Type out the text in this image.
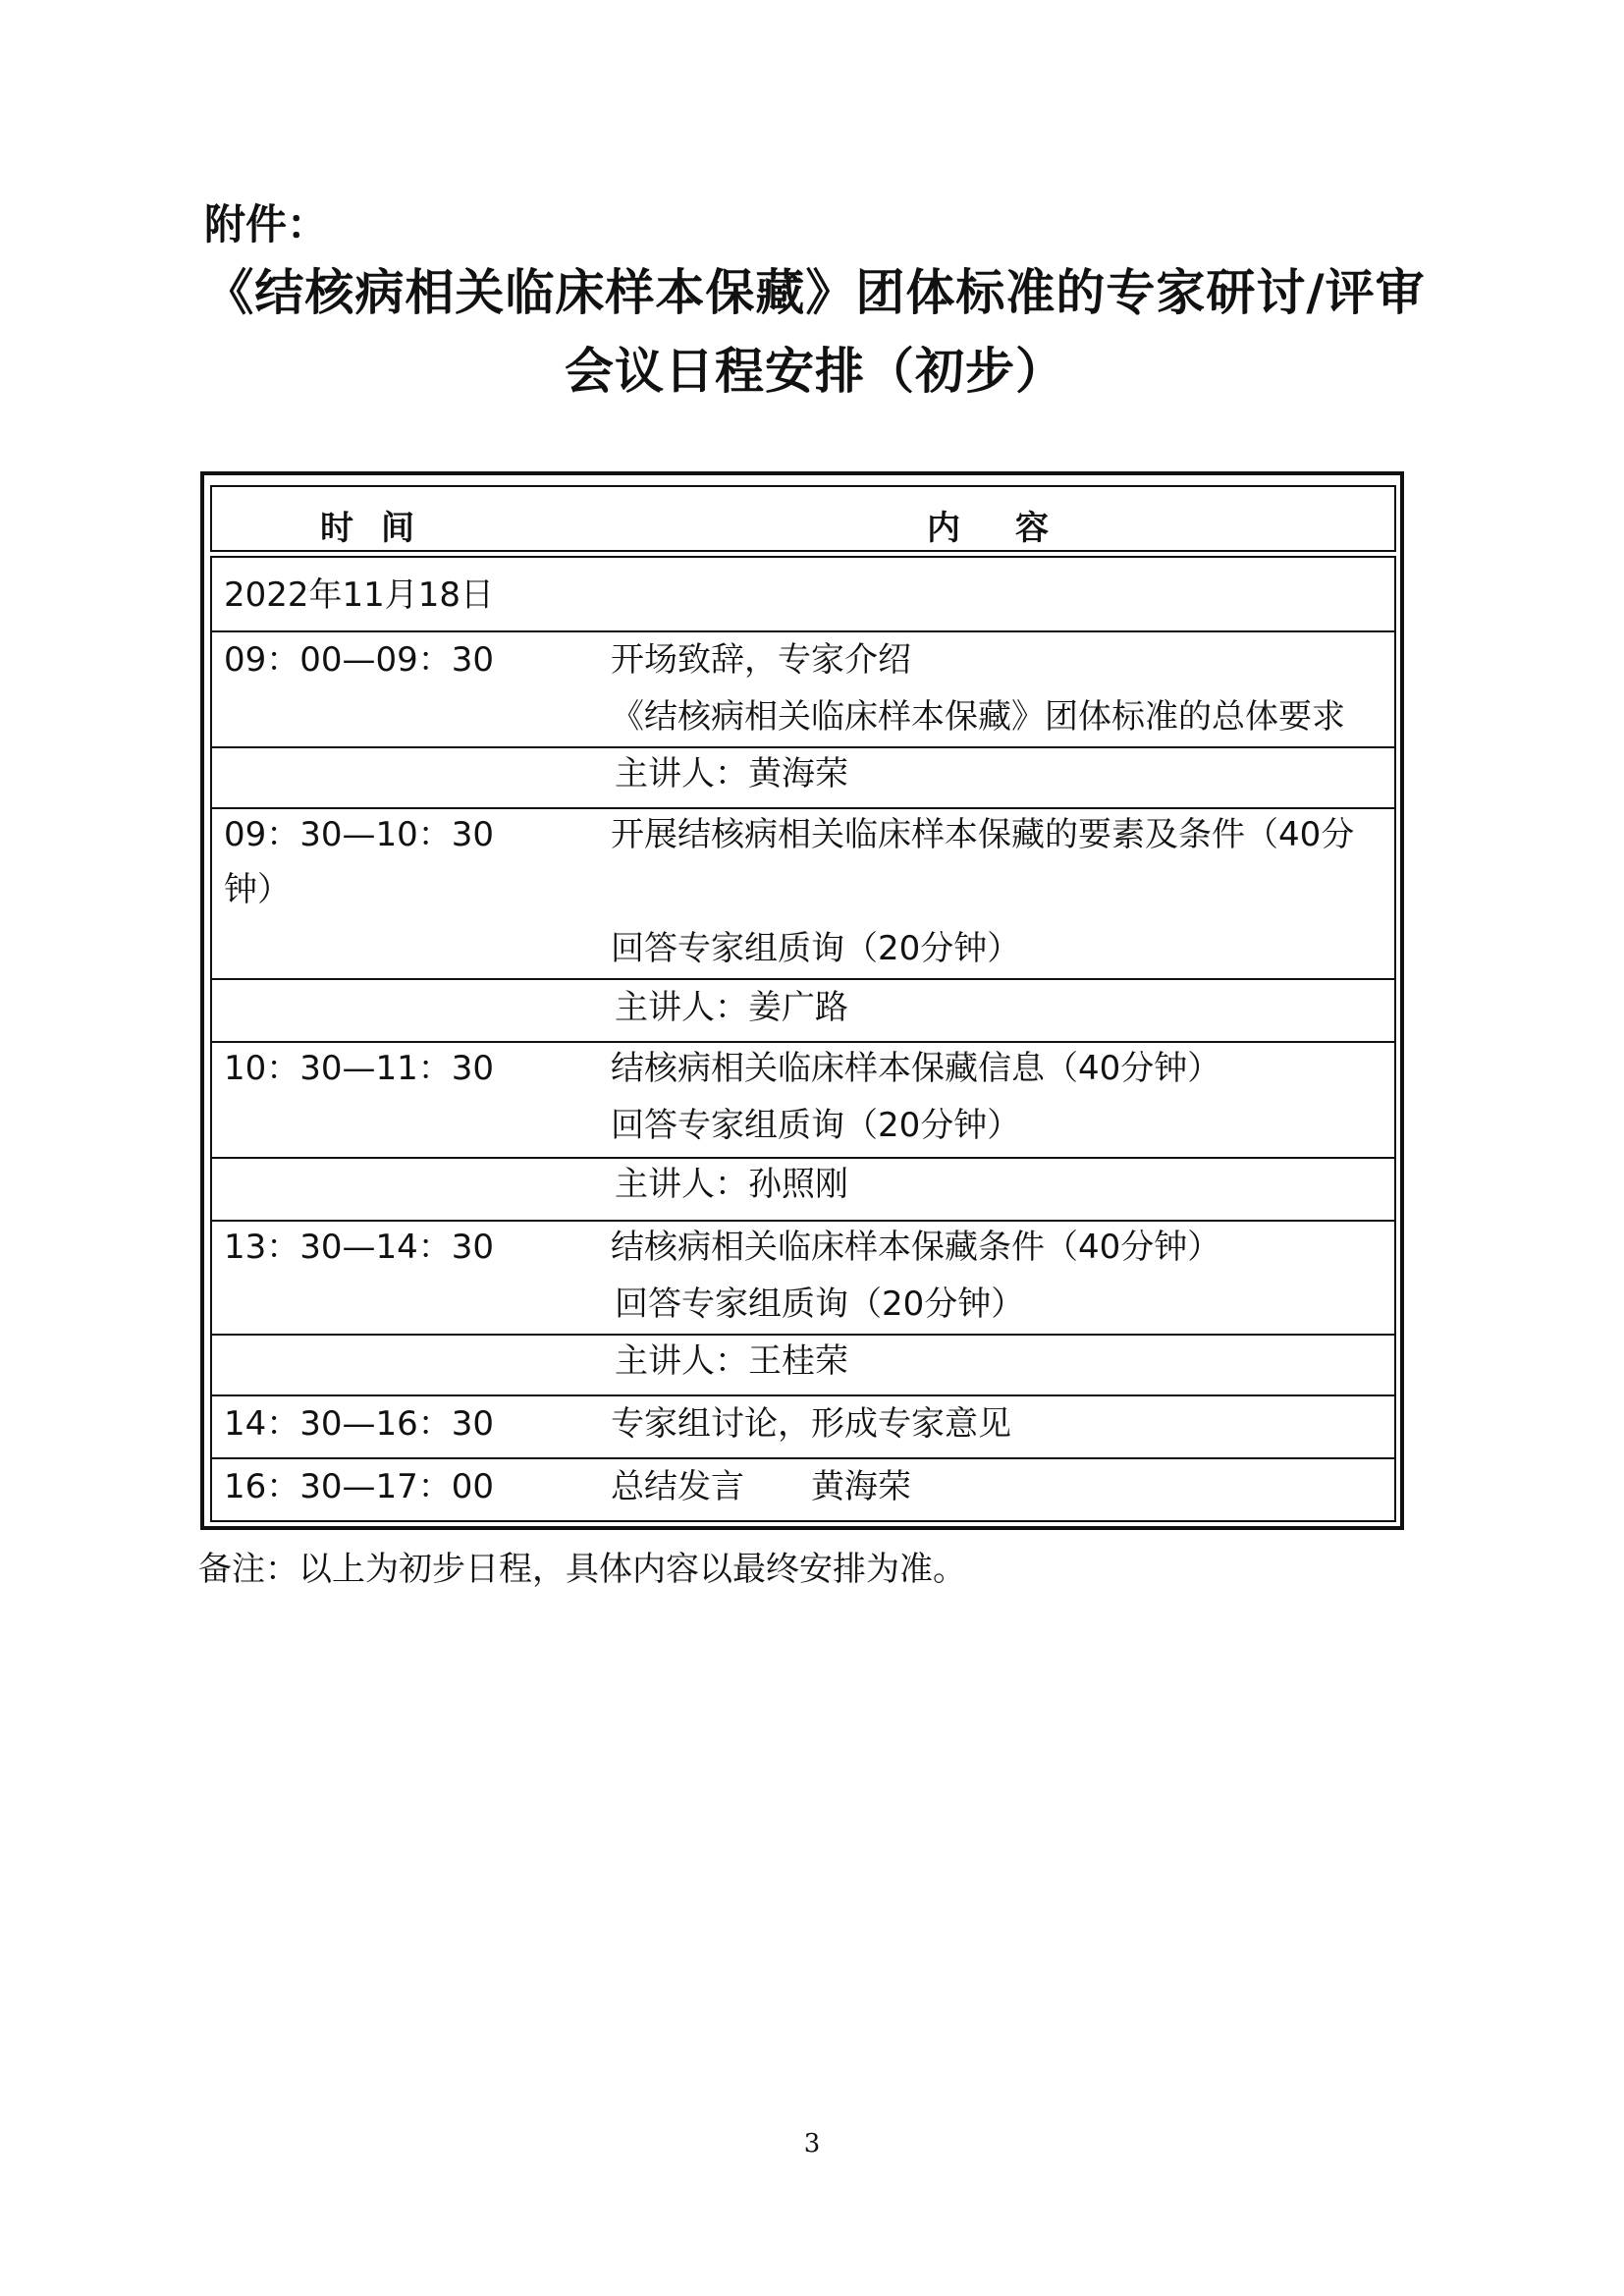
附件：
《结核病相关临床样本保藏》团体标准的专家研讨/评审
会议日程安排（初步）
时间	内容
2022年11月18日
09：00—09：30	开场致辞，专家介绍
《结核病相关临床样本保藏》团体标准的总体要求
主讲人：黄海荣
09：30—10：30	开展结核病相关临床样本保藏的要素及条件（40分
钟）
回答专家组质询（20分钟）
主讲人：姜广路
10：30—11：30	结核病相关临床样本保藏信息（40分钟）
回答专家组质询（20分钟）
主讲人：孙照刚
13：30—14：30	结核病相关临床样本保藏条件（40分钟）
回答专家组质询（20分钟）
主讲人：王桂荣
14：30—16：30	专家组讨论，形成专家意见
16：30—17：00	总结发言　　黄海荣
备注：以上为初步日程，具体内容以最终安排为准。
3
